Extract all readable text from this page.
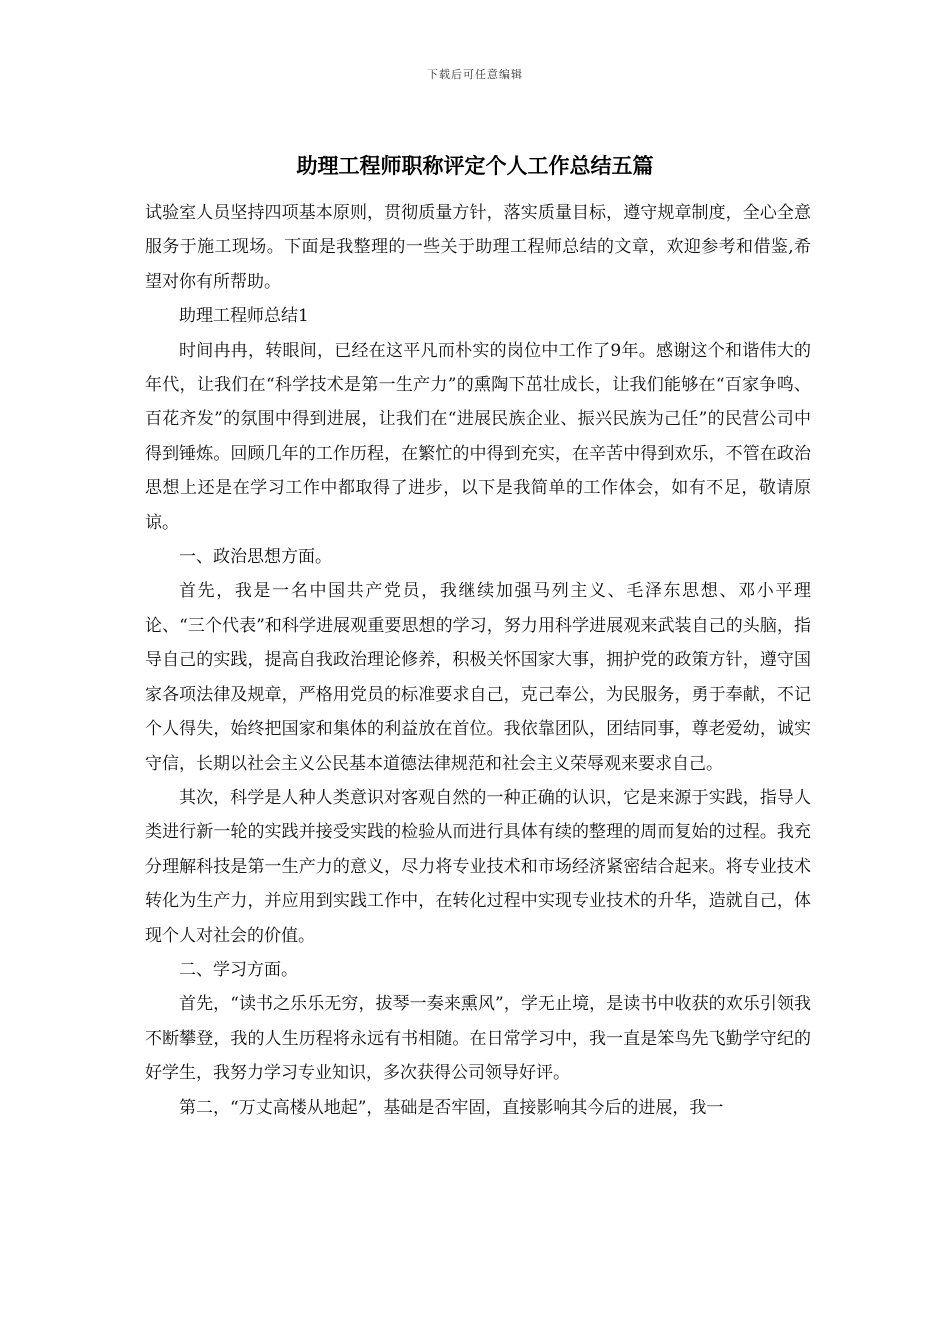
下载后可任意编辑
助理工程师职称评定个人工作总结五篇

试验室人员坚持四项基本原则，贯彻质量方针，落实质量目标，遵守规章制度，全心全意服务于施工现场。下面是我整理的一些关于助理工程师总结的文章，欢迎参考和借鉴,希望对你有所帮助。

助理工程师总结1

时间冉冉，转眼间，已经在这平凡而朴实的岗位中工作了9年。感谢这个和谐伟大的年代，让我们在“科学技术是第一生产力”的熏陶下茁壮成长，让我们能够在“百家争鸣、百花齐发”的氛围中得到进展，让我们在“进展民族企业、振兴民族为己任”的民营公司中得到锤炼。回顾几年的工作历程，在繁忙的中得到充实，在辛苦中得到欢乐，不管在政治思想上还是在学习工作中都取得了进步，以下是我简单的工作体会，如有不足，敬请原谅。

一、政治思想方面。

首先，我是一名中国共产党员，我继续加强马列主义、毛泽东思想、邓小平理论、“三个代表”和科学进展观重要思想的学习，努力用科学进展观来武装自己的头脑，指导自己的实践，提高自我政治理论修养，积极关怀国家大事，拥护党的政策方针，遵守国家各项法律及规章，严格用党员的标准要求自己，克己奉公，为民服务，勇于奉献，不记个人得失，始终把国家和集体的利益放在首位。我依靠团队，团结同事，尊老爱幼，诚实守信，长期以社会主义公民基本道德法律规范和社会主义荣辱观来要求自己。

其次，科学是人种人类意识对客观自然的一种正确的认识，它是来源于实践，指导人类进行新一轮的实践并接受实践的检验从而进行具体有续的整理的周而复始的过程。我充分理解科技是第一生产力的意义，尽力将专业技术和市场经济紧密结合起来。将专业技术转化为生产力，并应用到实践工作中，在转化过程中实现专业技术的升华，造就自己，体现个人对社会的价值。

二、学习方面。

首先，“读书之乐乐无穷，拔琴一奏来熏风”，学无止境，是读书中收获的欢乐引领我不断攀登，我的人生历程将永远有书相随。在日常学习中，我一直是笨鸟先飞勤学守纪的好学生，我努力学习专业知识，多次获得公司领导好评。

第二，“万丈高楼从地起”，基础是否牢固，直接影响其今后的进展，我一
